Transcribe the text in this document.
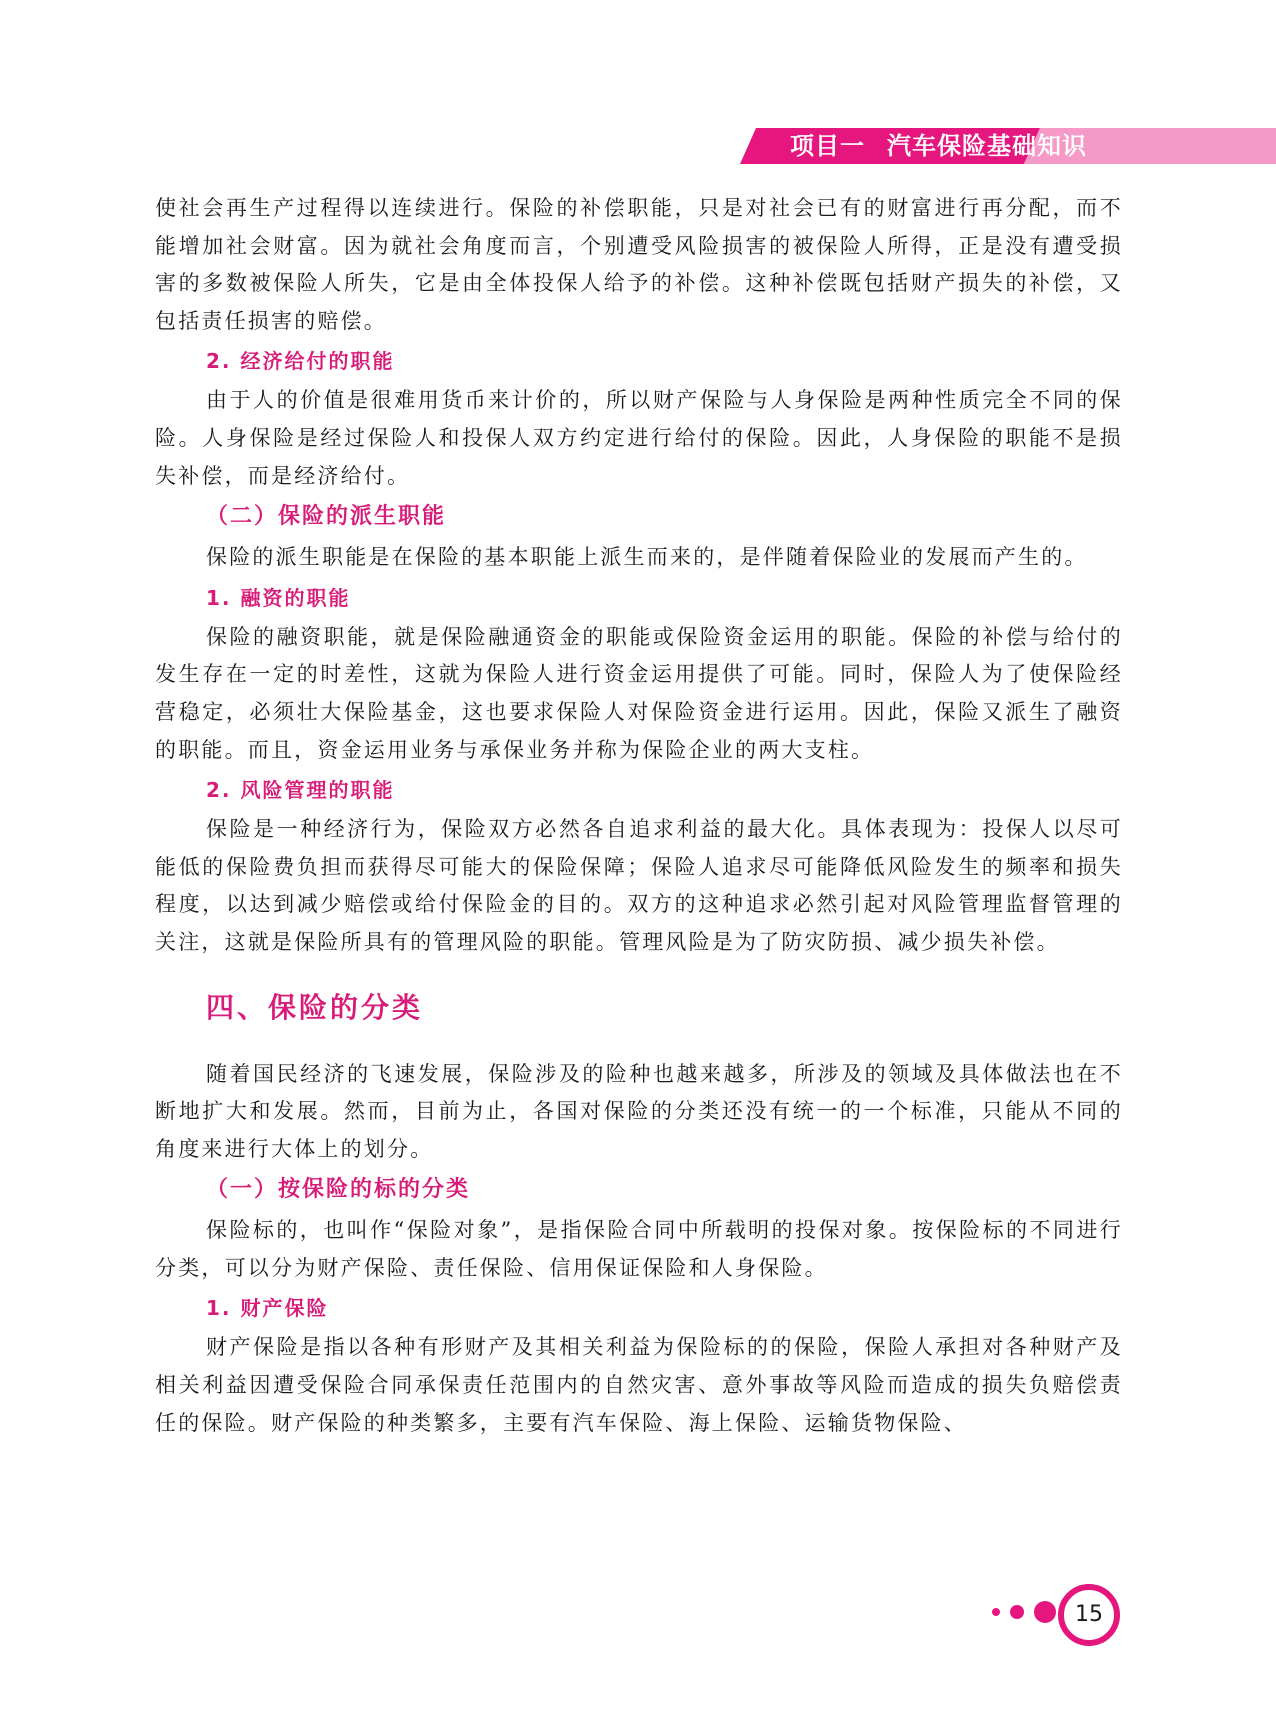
项目一 汽车保险基础知识

使社会再生产过程得以连续进行。保险的补偿职能，只是对社会已有的财富进行再分配，而不能增加社会财富。因为就社会角度而言，个别遭受风险损害的被保险人所得，正是没有遭受损害的多数被保险人所失，它是由全体投保人给予的补偿。这种补偿既包括财产损失的补偿，又包括责任损害的赔偿。

2. 经济给付的职能

由于人的价值是很难用货币来计价的，所以财产保险与人身保险是两种性质完全不同的保险。人身保险是经过保险人和投保人双方约定进行给付的保险。因此，人身保险的职能不是损失补偿，而是经济给付。

（二）保险的派生职能

保险的派生职能是在保险的基本职能上派生而来的，是伴随着保险业的发展而产生的。

1. 融资的职能

保险的融资职能，就是保险融通资金的职能或保险资金运用的职能。保险的补偿与给付的发生存在一定的时差性，这就为保险人进行资金运用提供了可能。同时，保险人为了使保险经营稳定，必须壮大保险基金，这也要求保险人对保险资金进行运用。因此，保险又派生了融资的职能。而且，资金运用业务与承保业务并称为保险企业的两大支柱。

2. 风险管理的职能

保险是一种经济行为，保险双方必然各自追求利益的最大化。具体表现为：投保人以尽可能低的保险费负担而获得尽可能大的保险保障；保险人追求尽可能降低风险发生的频率和损失程度，以达到减少赔偿或给付保险金的目的。双方的这种追求必然引起对风险管理监督管理的关注，这就是保险所具有的管理风险的职能。管理风险是为了防灾防损、减少损失补偿。

四、保险的分类

随着国民经济的飞速发展，保险涉及的险种也越来越多，所涉及的领域及具体做法也在不断地扩大和发展。然而，目前为止，各国对保险的分类还没有统一的一个标准，只能从不同的角度来进行大体上的划分。

（一）按保险的标的分类

保险标的，也叫作“保险对象”，是指保险合同中所载明的投保对象。按保险标的不同进行分类，可以分为财产保险、责任保险、信用保证保险和人身保险。

1. 财产保险

财产保险是指以各种有形财产及其相关利益为保险标的的保险，保险人承担对各种财产及相关利益因遭受保险合同承保责任范围内的自然灾害、意外事故等风险而造成的损失负赔偿责任的保险。财产保险的种类繁多，主要有汽车保险、海上保险、运输货物保险、

15
